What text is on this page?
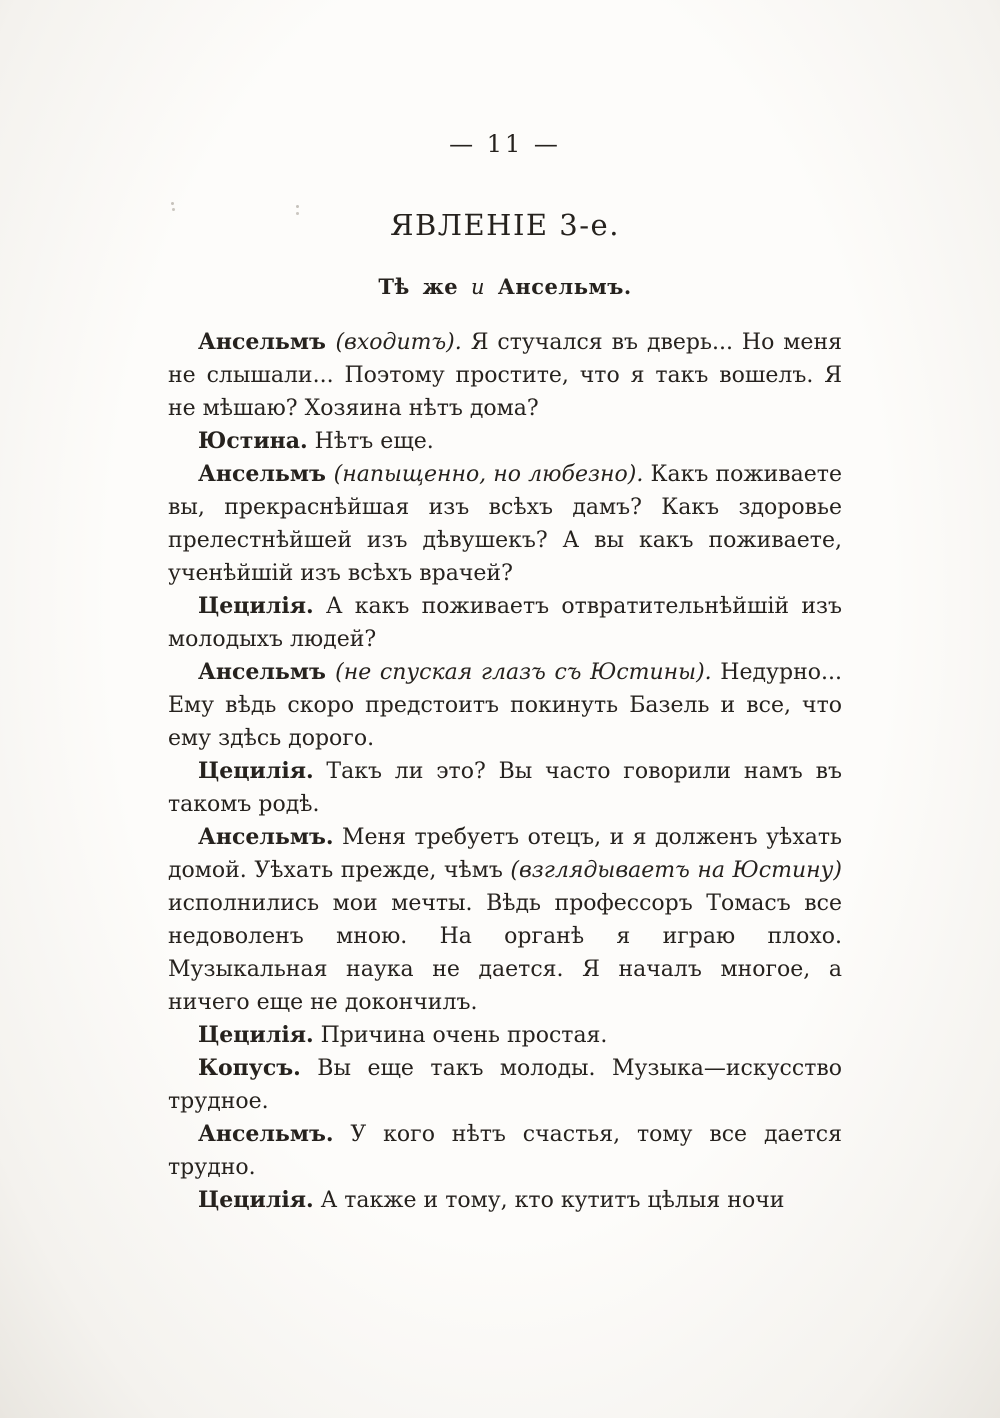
— 11 —
ЯВЛЕНІЕ 3-е.
Тѣ же и Ансельмъ.

Ансельмъ (входитъ). Я стучался въ дверь... Но меня не слышали... Поэтому простите, что я такъ вошелъ. Я не мѣшаю? Хозяина нѣтъ дома?

Юстина. Нѣтъ еще.

Ансельмъ (напыщенно, но любезно). Какъ поживаете вы, прекраснѣйшая изъ всѣхъ дамъ? Какъ здоровье прелестнѣйшей изъ дѣвушекъ? А вы какъ поживаете, ученѣйшій изъ всѣхъ врачей?

Цецилія. А какъ поживаетъ отвратительнѣйшій изъ молодыхъ людей?

Ансельмъ (не спуская глазъ съ Юстины). Недурно... Ему вѣдь скоро предстоитъ покинуть Базель и все, что ему здѣсь дорого.

Цецилія. Такъ ли это? Вы часто говорили намъ въ такомъ родѣ.

Ансельмъ. Меня требуетъ отецъ, и я долженъ уѣхать домой. Уѣхать прежде, чѣмъ (взглядываетъ на Юстину) исполнились мои мечты. Вѣдь профессоръ Томасъ все недоволенъ мною. На органѣ я играю плохо. Музыкальная наука не дается. Я началъ многое, а ничего еще не докончилъ.

Цецилія. Причина очень простая.

Копусъ. Вы еще такъ молоды. Музыка—искусство трудное.

Ансельмъ. У кого нѣтъ счастья, тому все дается трудно.

Цецилія. А также и тому, кто кутитъ цѣлыя ночи
